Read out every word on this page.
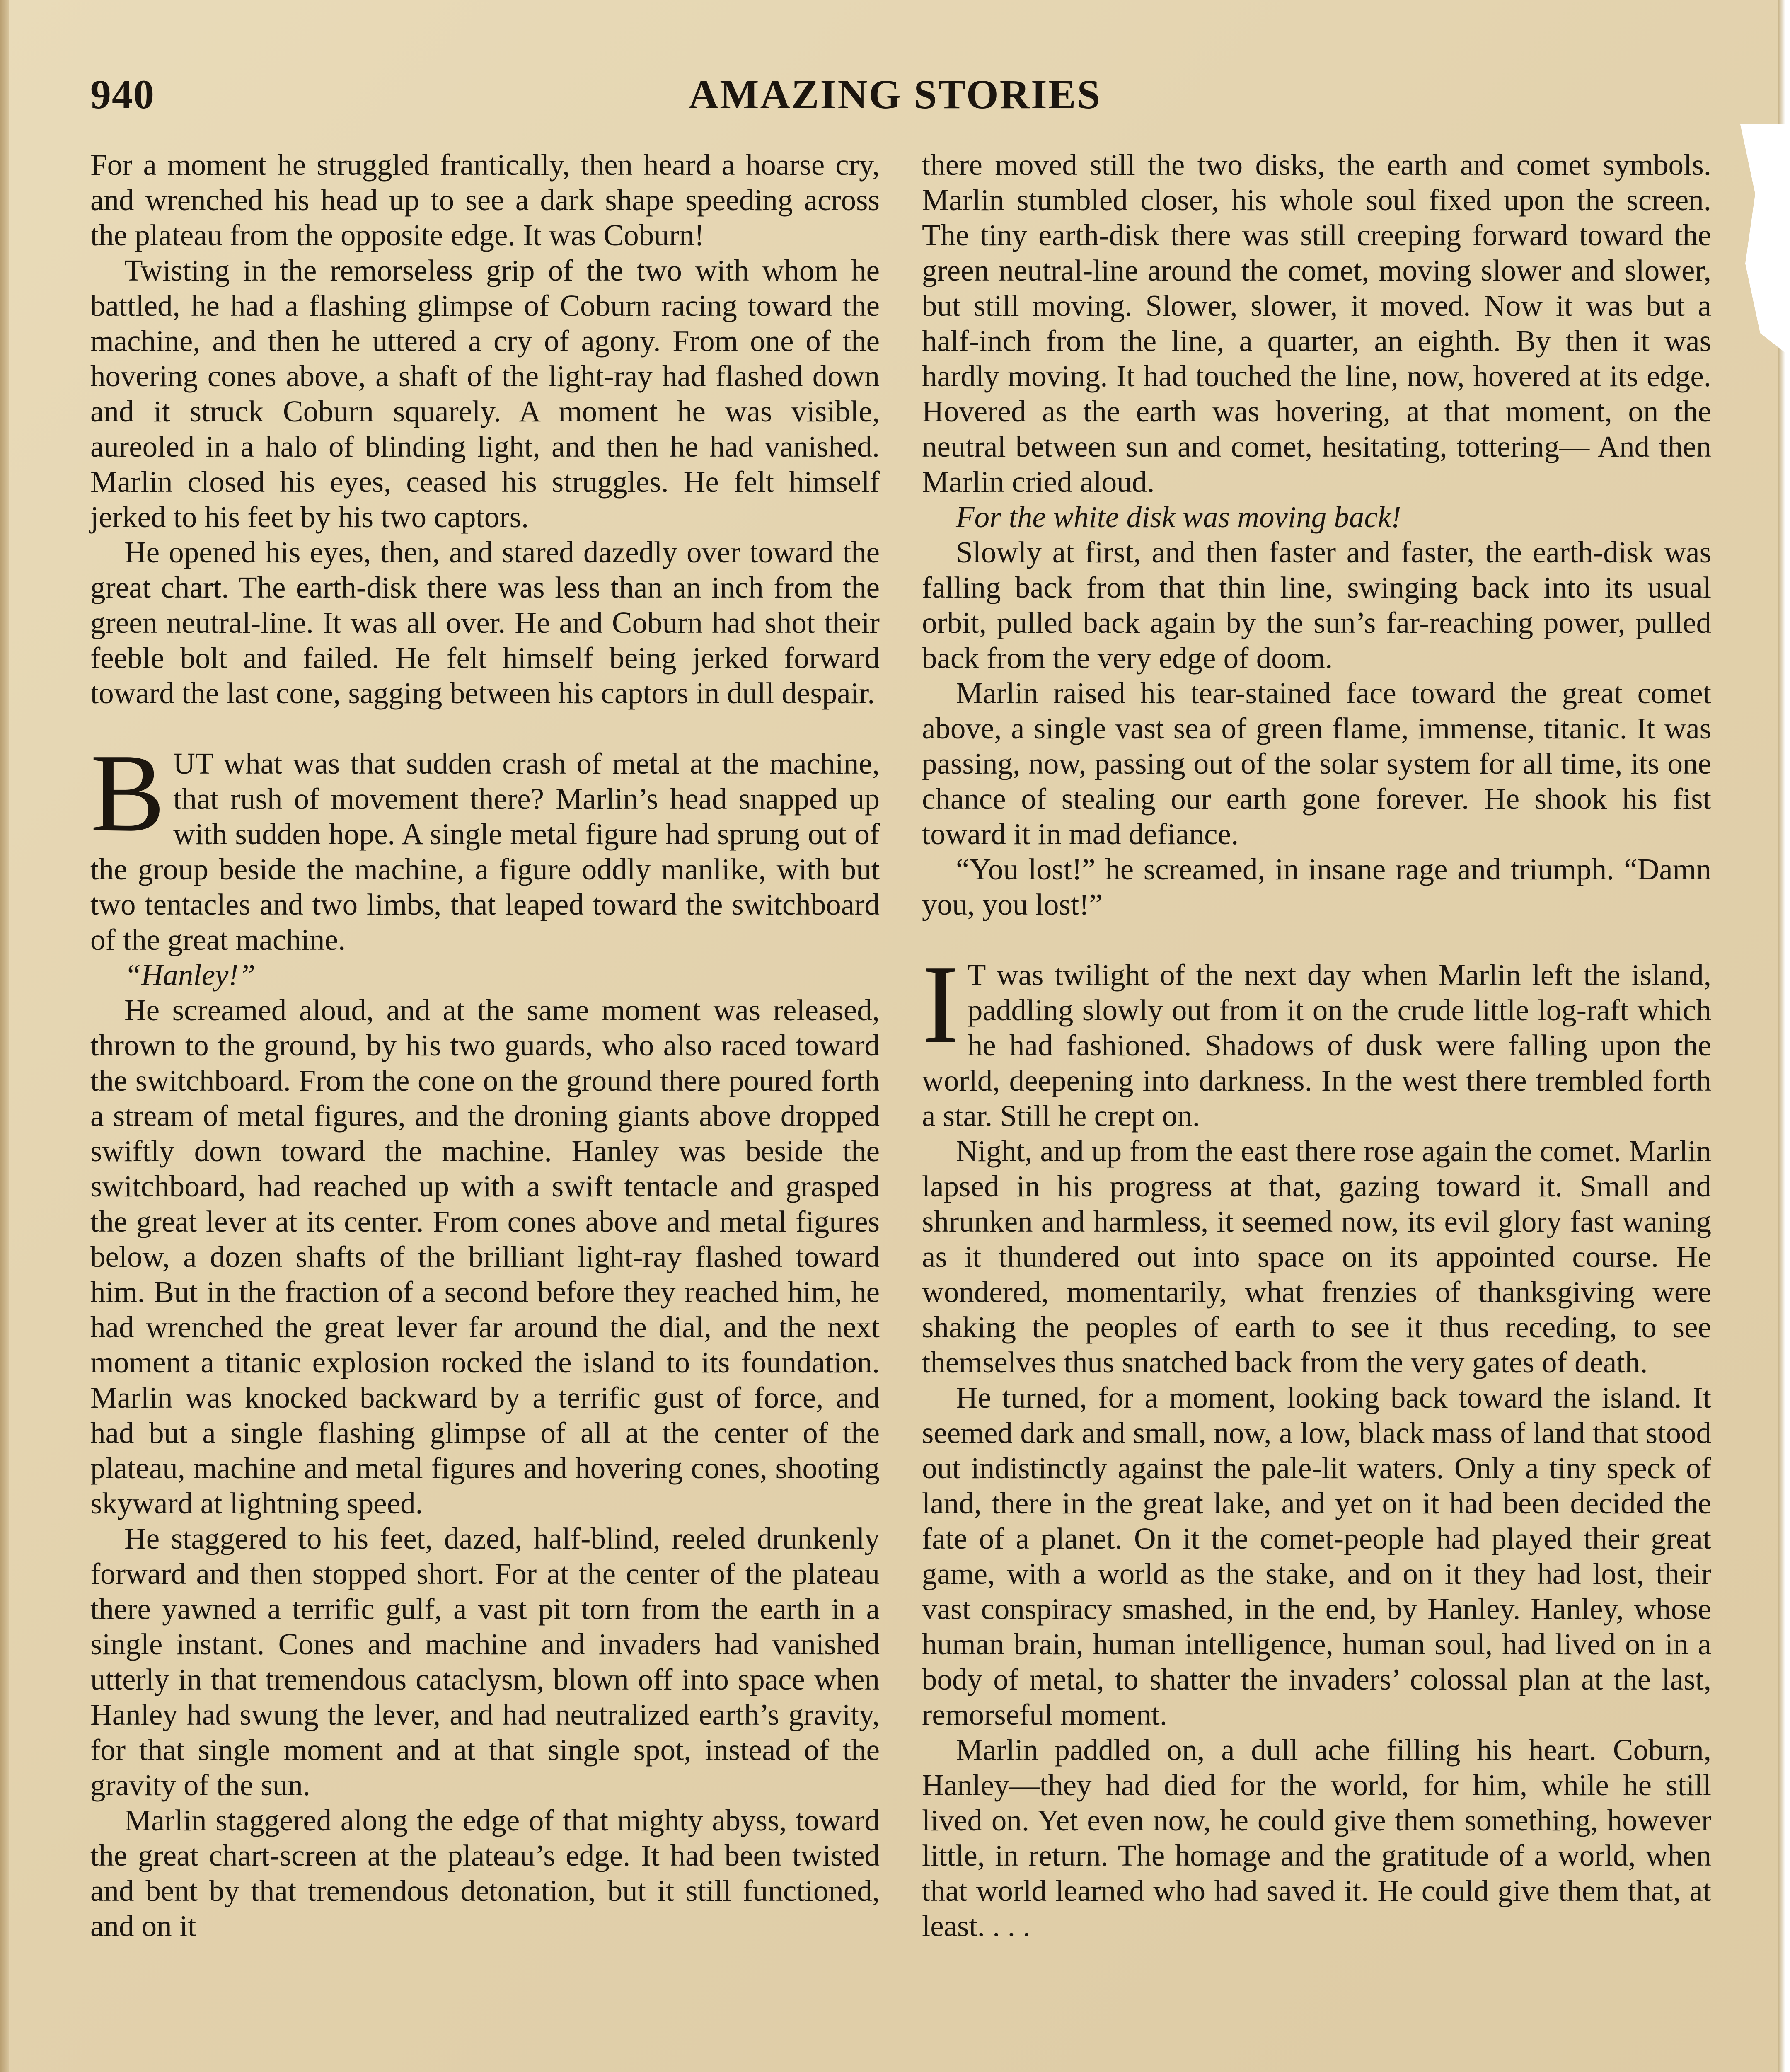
940	AMAZING STORIES

For a moment he struggled frantically, then heard a hoarse cry, and wrenched his head up to see a dark shape speeding across the plateau from the opposite edge. It was Coburn!

Twisting in the remorseless grip of the two with whom he battled, he had a flashing glimpse of Coburn racing toward the machine, and then he uttered a cry of agony. From one of the hovering cones above, a shaft of the light-ray had flashed down and it struck Coburn squarely. A moment he was visible, aureoled in a halo of blinding light, and then he had vanished. Marlin closed his eyes, ceased his struggles. He felt himself jerked to his feet by his two captors.

He opened his eyes, then, and stared dazedly over toward the great chart. The earth-disk there was less than an inch from the green neutral-line. It was all over. He and Coburn had shot their feeble bolt and failed. He felt himself being jerked forward toward the last cone, sagging between his captors in dull despair.

BUT what was that sudden crash of metal at the machine, that rush of movement there? Marlin’s head snapped up with sudden hope. A single metal figure had sprung out of the group beside the machine, a figure oddly manlike, with but two tentacles and two limbs, that leaped toward the switchboard of the great machine.

“Hanley!”

He screamed aloud, and at the same moment was released, thrown to the ground, by his two guards, who also raced toward the switchboard. From the cone on the ground there poured forth a stream of metal figures, and the droning giants above dropped swiftly down toward the machine. Hanley was beside the switchboard, had reached up with a swift tentacle and grasped the great lever at its center. From cones above and metal figures below, a dozen shafts of the brilliant light-ray flashed toward him. But in the fraction of a second before they reached him, he had wrenched the great lever far around the dial, and the next moment a titanic explosion rocked the island to its foundation. Marlin was knocked backward by a terrific gust of force, and had but a single flashing glimpse of all at the center of the plateau, machine and metal figures and hovering cones, shooting skyward at lightning speed.

He staggered to his feet, dazed, half-blind, reeled drunkenly forward and then stopped short. For at the center of the plateau there yawned a terrific gulf, a vast pit torn from the earth in a single instant. Cones and machine and invaders had vanished utterly in that tremendous cataclysm, blown off into space when Hanley had swung the lever, and had neutralized earth’s gravity, for that single moment and at that single spot, instead of the gravity of the sun.

Marlin staggered along the edge of that mighty abyss, toward the great chart-screen at the plateau’s edge. It had been twisted and bent by that tremendous detonation, but it still functioned, and on it

there moved still the two disks, the earth and comet symbols. Marlin stumbled closer, his whole soul fixed upon the screen. The tiny earth-disk there was still creeping forward toward the green neutral-line around the comet, moving slower and slower, but still moving. Slower, slower, it moved. Now it was but a half-inch from the line, a quarter, an eighth. By then it was hardly moving. It had touched the line, now, hovered at its edge. Hovered as the earth was hovering, at that moment, on the neutral between sun and comet, hesitating, tottering— And then Marlin cried aloud.

For the white disk was moving back!

Slowly at first, and then faster and faster, the earth-disk was falling back from that thin line, swinging back into its usual orbit, pulled back again by the sun’s far-reaching power, pulled back from the very edge of doom.

Marlin raised his tear-stained face toward the great comet above, a single vast sea of green flame, immense, titanic. It was passing, now, passing out of the solar system for all time, its one chance of stealing our earth gone forever. He shook his fist toward it in mad defiance.

“You lost!” he screamed, in insane rage and triumph. “Damn you, you lost!”

I T was twilight of the next day when Marlin left the island, paddling slowly out from it on the crude little log-raft which he had fashioned. Shadows of dusk were falling upon the world, deepening into darkness. In the west there trembled forth a star. Still he crept on.

Night, and up from the east there rose again the comet. Marlin lapsed in his progress at that, gazing toward it. Small and shrunken and harmless, it seemed now, its evil glory fast waning as it thundered out into space on its appointed course. He wondered, momentarily, what frenzies of thanksgiving were shaking the peoples of earth to see it thus receding, to see themselves thus snatched back from the very gates of death.

He turned, for a moment, looking back toward the island. It seemed dark and small, now, a low, black mass of land that stood out indistinctly against the pale-lit waters. Only a tiny speck of land, there in the great lake, and yet on it had been decided the fate of a planet. On it the comet-people had played their great game, with a world as the stake, and on it they had lost, their vast conspiracy smashed, in the end, by Hanley. Hanley, whose human brain, human intelligence, human soul, had lived on in a body of metal, to shatter the invaders’ colossal plan at the last, remorseful moment.

Marlin paddled on, a dull ache filling his heart. Coburn, Hanley—they had died for the world, for him, while he still lived on. Yet even now, he could give them something, however little, in return. The homage and the gratitude of a world, when that world learned who had saved it. He could give them that, at least. . . .
